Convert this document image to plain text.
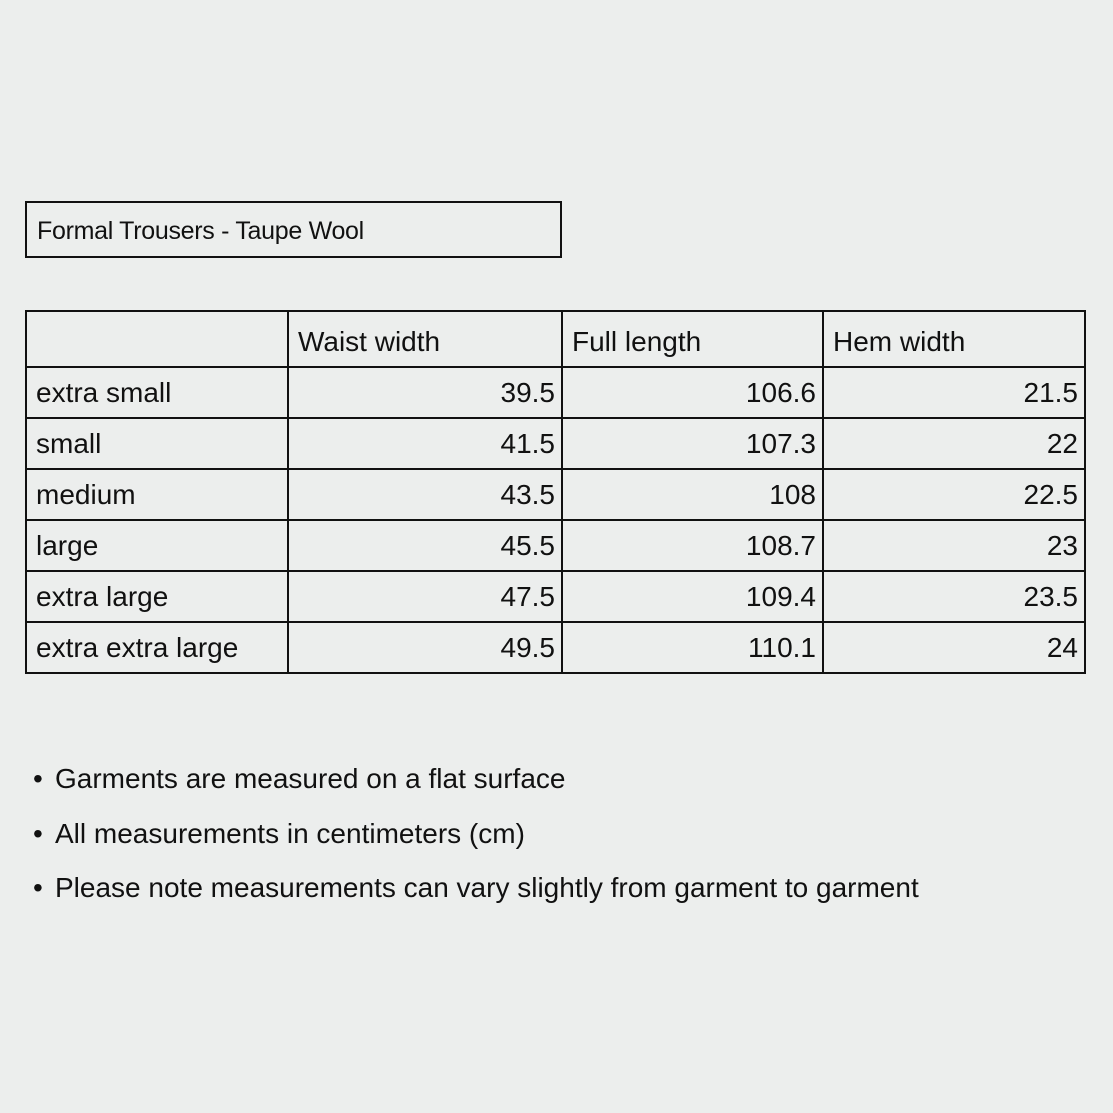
Formal Trousers - Taupe Wool
	Waist width	Full length	Hem width
extra small	39.5	106.6	21.5
small	41.5	107.3	22
medium	43.5	108	22.5
large	45.5	108.7	23
extra large	47.5	109.4	23.5
extra extra large	49.5	110.1	24
• Garments are measured on a flat surface
• All measurements in centimeters (cm)
• Please note measurements can vary slightly from garment to garment
